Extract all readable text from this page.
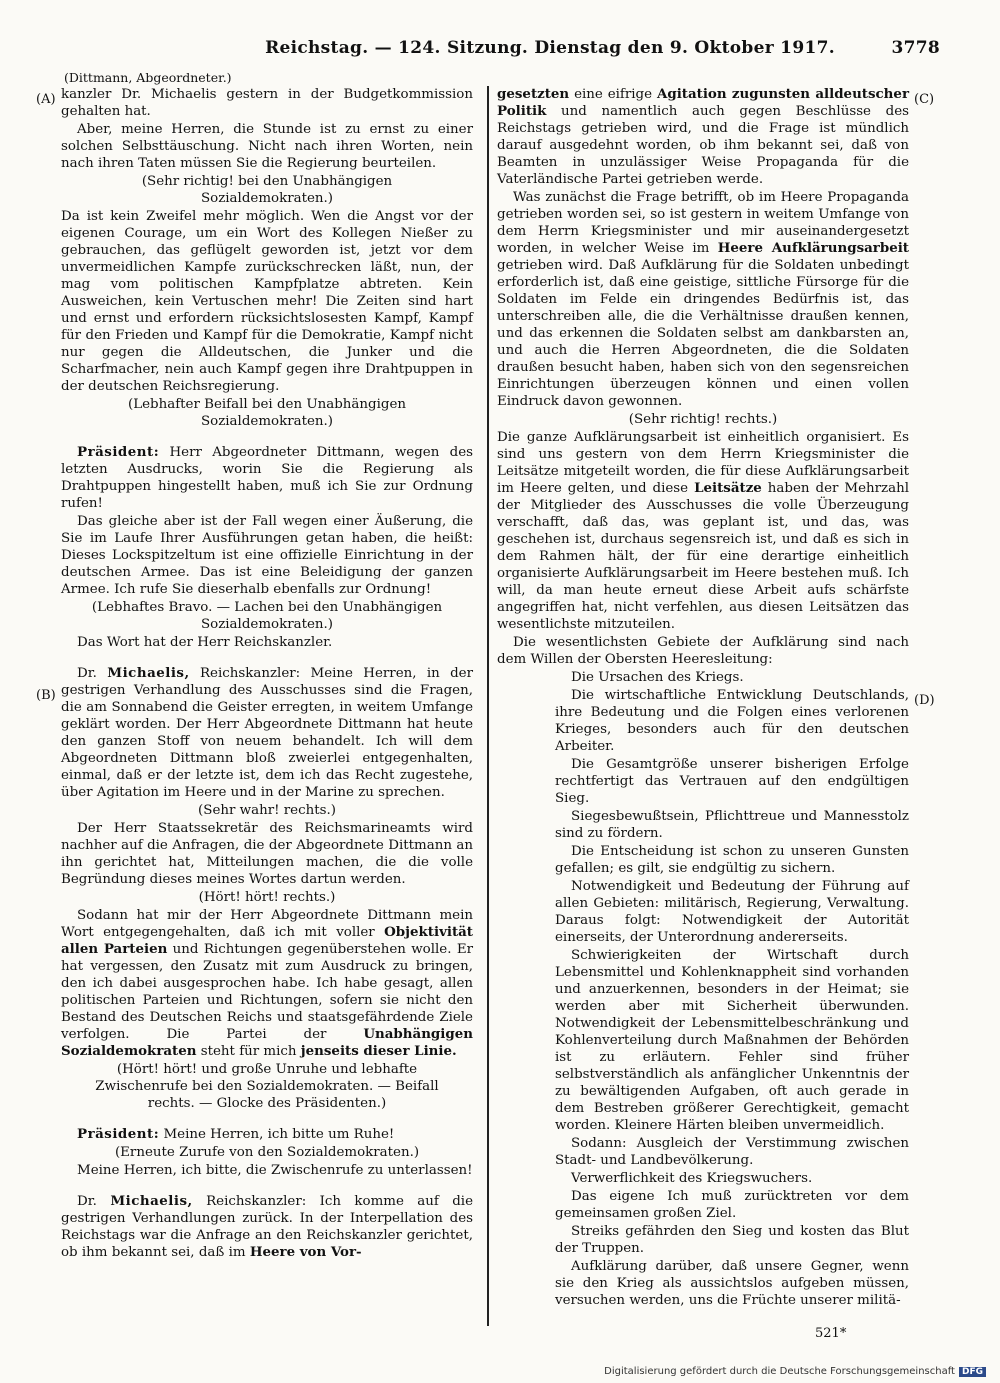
Reichstag. — 124. Sitzung. Dienstag den 9. Oktober 1917.	3778
(Dittmann, Abgeordneter.)
(A)
(B)
(C)
(D)

kanzler Dr. Michaelis gestern in der Budgetkommission gehalten hat.

Aber, meine Herren, die Stunde ist zu ernst zu einer solchen Selbsttäuschung. Nicht nach ihren Worten, nein nach ihren Taten müssen Sie die Regierung beurteilen.

(Sehr richtig! bei den Unabhängigen Sozialdemokraten.)

Da ist kein Zweifel mehr möglich. Wen die Angst vor der eigenen Courage, um ein Wort des Kollegen Nießer zu gebrauchen, das geflügelt geworden ist, jetzt vor dem unvermeidlichen Kampfe zurückschrecken läßt, nun, der mag vom politischen Kampfplatze abtreten. Kein Ausweichen, kein Vertuschen mehr! Die Zeiten sind hart und ernst und erfordern rücksichtslosesten Kampf, Kampf für den Frieden und Kampf für die Demokratie, Kampf nicht nur gegen die Alldeutschen, die Junker und die Scharfmacher, nein auch Kampf gegen ihre Drahtpuppen in der deutschen Reichsregierung.

(Lebhafter Beifall bei den Unabhängigen Sozialdemokraten.)

Präsident: Herr Abgeordneter Dittmann, wegen des letzten Ausdrucks, worin Sie die Regierung als Drahtpuppen hingestellt haben, muß ich Sie zur Ordnung rufen!

Das gleiche aber ist der Fall wegen einer Äußerung, die Sie im Laufe Ihrer Ausführungen getan haben, die heißt: Dieses Lockspitzeltum ist eine offizielle Einrichtung in der deutschen Armee. Das ist eine Beleidigung der ganzen Armee. Ich rufe Sie dieserhalb ebenfalls zur Ordnung!

(Lebhaftes Bravo. — Lachen bei den Unabhängigen Sozialdemokraten.)

Das Wort hat der Herr Reichskanzler.

Dr. Michaelis, Reichskanzler: Meine Herren, in der gestrigen Verhandlung des Ausschusses sind die Fragen, die am Sonnabend die Geister erregten, in weitem Umfange geklärt worden. Der Herr Abgeordnete Dittmann hat heute den ganzen Stoff von neuem behandelt. Ich will dem Abgeordneten Dittmann bloß zweierlei entgegenhalten, einmal, daß er der letzte ist, dem ich das Recht zugestehe, über Agitation im Heere und in der Marine zu sprechen.

(Sehr wahr! rechts.)

Der Herr Staatssekretär des Reichsmarineamts wird nachher auf die Anfragen, die der Abgeordnete Dittmann an ihn gerichtet hat, Mitteilungen machen, die die volle Begründung dieses meines Wortes dartun werden.

(Hört! hört! rechts.)

Sodann hat mir der Herr Abgeordnete Dittmann mein Wort entgegengehalten, daß ich mit voller Objektivität allen Parteien und Richtungen gegenüberstehen wolle. Er hat vergessen, den Zusatz mit zum Ausdruck zu bringen, den ich dabei ausgesprochen habe. Ich habe gesagt, allen politischen Parteien und Richtungen, sofern sie nicht den Bestand des Deutschen Reichs und staatsgefährdende Ziele verfolgen. Die Partei der Unabhängigen Sozialdemokraten steht für mich jenseits dieser Linie.

(Hört! hört! und große Unruhe und lebhafte Zwischenrufe bei den Sozialdemokraten. — Beifall rechts. — Glocke des Präsidenten.)

Präsident: Meine Herren, ich bitte um Ruhe!

(Erneute Zurufe von den Sozialdemokraten.)

Meine Herren, ich bitte, die Zwischenrufe zu unterlassen!

Dr. Michaelis, Reichskanzler: Ich komme auf die gestrigen Verhandlungen zurück. In der Interpellation des Reichstags war die Anfrage an den Reichskanzler gerichtet, ob ihm bekannt sei, daß im Heere von Vor-

gesetzten eine eifrige Agitation zugunsten alldeutscher Politik und namentlich auch gegen Beschlüsse des Reichstags getrieben wird, und die Frage ist mündlich darauf ausgedehnt worden, ob ihm bekannt sei, daß von Beamten in unzulässiger Weise Propaganda für die Vaterländische Partei getrieben werde.

Was zunächst die Frage betrifft, ob im Heere Propaganda getrieben worden sei, so ist gestern in weitem Umfange von dem Herrn Kriegsminister und mir auseinandergesetzt worden, in welcher Weise im Heere Aufklärungsarbeit getrieben wird. Daß Aufklärung für die Soldaten unbedingt erforderlich ist, daß eine geistige, sittliche Fürsorge für die Soldaten im Felde ein dringendes Bedürfnis ist, das unterschreiben alle, die die Verhältnisse draußen kennen, und das erkennen die Soldaten selbst am dankbarsten an, und auch die Herren Abgeordneten, die die Soldaten draußen besucht haben, haben sich von den segensreichen Einrichtungen überzeugen können und einen vollen Eindruck davon gewonnen.

(Sehr richtig! rechts.)

Die ganze Aufklärungsarbeit ist einheitlich organisiert. Es sind uns gestern von dem Herrn Kriegsminister die Leitsätze mitgeteilt worden, die für diese Aufklärungsarbeit im Heere gelten, und diese Leitsätze haben der Mehrzahl der Mitglieder des Ausschusses die volle Überzeugung verschafft, daß das, was geplant ist, und das, was geschehen ist, durchaus segensreich ist, und daß es sich in dem Rahmen hält, der für eine derartige einheitlich organisierte Aufklärungsarbeit im Heere bestehen muß. Ich will, da man heute erneut diese Arbeit aufs schärfste angegriffen hat, nicht verfehlen, aus diesen Leitsätzen das wesentlichste mitzuteilen.

Die wesentlichsten Gebiete der Aufklärung sind nach dem Willen der Obersten Heeresleitung:

Die Ursachen des Kriegs.

Die wirtschaftliche Entwicklung Deutschlands, ihre Bedeutung und die Folgen eines verlorenen Krieges, besonders auch für den deutschen Arbeiter.

Die Gesamtgröße unserer bisherigen Erfolge rechtfertigt das Vertrauen auf den endgültigen Sieg.

Siegesbewußtsein, Pflichttreue und Mannesstolz sind zu fördern.

Die Entscheidung ist schon zu unseren Gunsten gefallen; es gilt, sie endgültig zu sichern.

Notwendigkeit und Bedeutung der Führung auf allen Gebieten: militärisch, Regierung, Verwaltung. Daraus folgt: Notwendigkeit der Autorität einerseits, der Unterordnung andererseits.

Schwierigkeiten der Wirtschaft durch Lebensmittel und Kohlenknappheit sind vorhanden und anzuerkennen, besonders in der Heimat; sie werden aber mit Sicherheit überwunden. Notwendigkeit der Lebensmittelbeschränkung und Kohlenverteilung durch Maßnahmen der Behörden ist zu erläutern. Fehler sind früher selbstverständlich als anfänglicher Unkenntnis der zu bewältigenden Aufgaben, oft auch gerade in dem Bestreben größerer Gerechtigkeit, gemacht worden. Kleinere Härten bleiben unvermeidlich.

Sodann: Ausgleich der Verstimmung zwischen Stadt- und Landbevölkerung.

Verwerflichkeit des Kriegswuchers.

Das eigene Ich muß zurücktreten vor dem gemeinsamen großen Ziel.

Streiks gefährden den Sieg und kosten das Blut der Truppen.

Aufklärung darüber, daß unsere Gegner, wenn sie den Krieg als aussichtslos aufgeben müssen, versuchen werden, uns die Früchte unserer militä-

521*
Digitalisierung gefördert durch die Deutsche Forschungsgemeinschaft DFG
